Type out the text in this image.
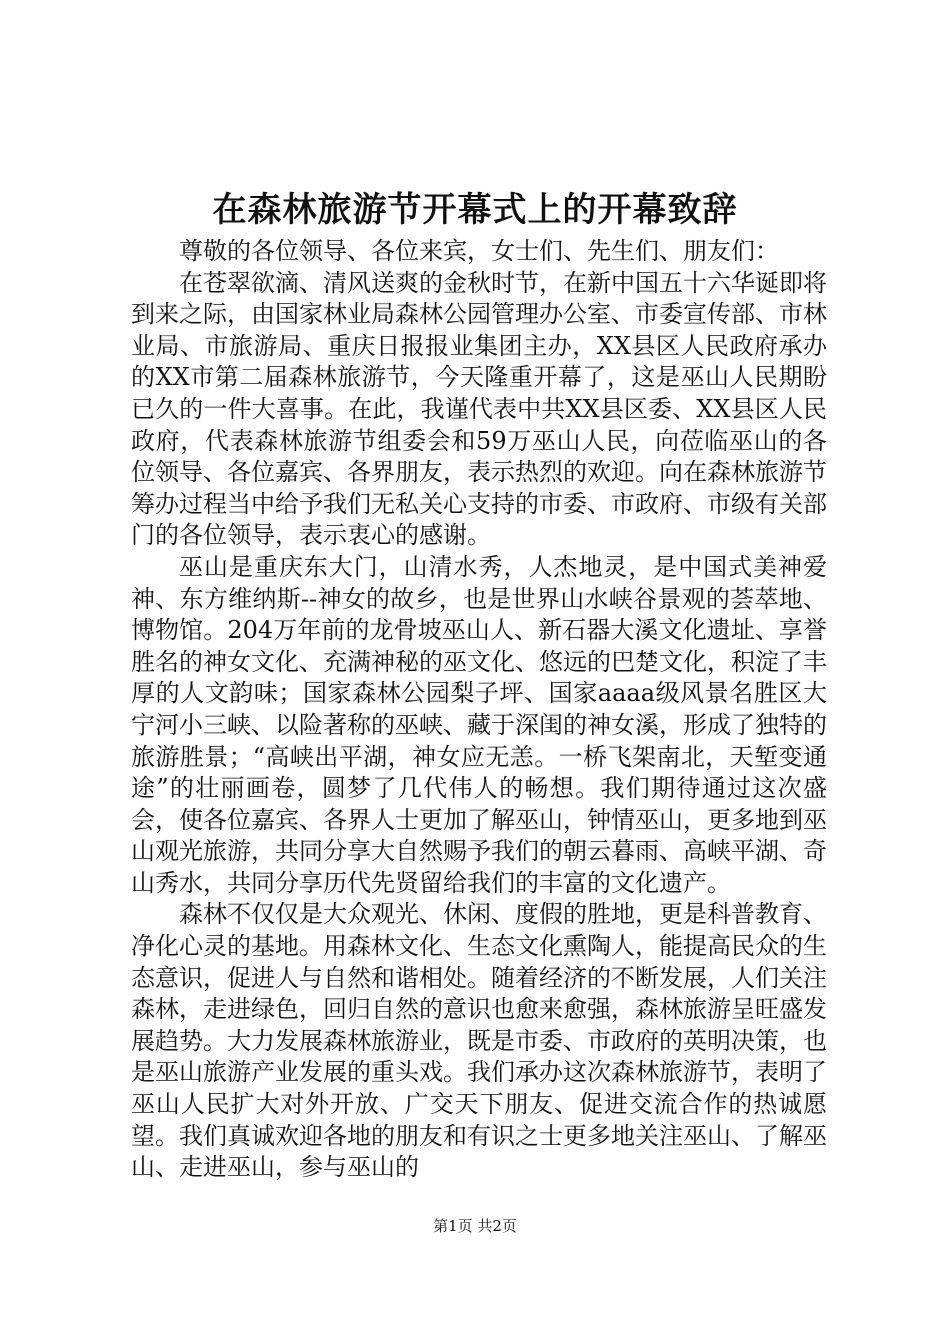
在森林旅游节开幕式上的开幕致辞

尊敬的各位领导、各位来宾，女士们、先生们、朋友们：

在苍翠欲滴、清风送爽的金秋时节，在新中国五十六华诞即将到来之际，由国家林业局森林公园管理办公室、市委宣传部、市林业局、市旅游局、重庆日报报业集团主办，XX县区人民政府承办的XX市第二届森林旅游节，今天隆重开幕了，这是巫山人民期盼已久的一件大喜事。在此，我谨代表中共XX县区委、XX县区人民政府，代表森林旅游节组委会和59万巫山人民，向莅临巫山的各位领导、各位嘉宾、各界朋友，表示热烈的欢迎。向在森林旅游节筹办过程当中给予我们无私关心支持的市委、市政府、市级有关部门的各位领导，表示衷心的感谢。

巫山是重庆东大门，山清水秀，人杰地灵，是中国式美神爱神、东方维纳斯--神女的故乡，也是世界山水峡谷景观的荟萃地、博物馆。204万年前的龙骨坡巫山人、新石器大溪文化遗址、享誉胜名的神女文化、充满神秘的巫文化、悠远的巴楚文化，积淀了丰厚的人文韵味；国家森林公园梨子坪、国家aaaa级风景名胜区大宁河小三峡、以险著称的巫峡、藏于深闺的神女溪，形成了独特的旅游胜景；“高峡出平湖，神女应无恙。一桥飞架南北，天堑变通途”的壮丽画卷，圆梦了几代伟人的畅想。我们期待通过这次盛会，使各位嘉宾、各界人士更加了解巫山，钟情巫山，更多地到巫山观光旅游，共同分享大自然赐予我们的朝云暮雨、高峡平湖、奇山秀水，共同分享历代先贤留给我们的丰富的文化遗产。

森林不仅仅是大众观光、休闲、度假的胜地，更是科普教育、净化心灵的基地。用森林文化、生态文化熏陶人，能提高民众的生态意识，促进人与自然和谐相处。随着经济的不断发展，人们关注森林，走进绿色，回归自然的意识也愈来愈强，森林旅游呈旺盛发展趋势。大力发展森林旅游业，既是市委、市政府的英明决策，也是巫山旅游产业发展的重头戏。我们承办这次森林旅游节，表明了巫山人民扩大对外开放、广交天下朋友、促进交流合作的热诚愿望。我们真诚欢迎各地的朋友和有识之士更多地关注巫山、了解巫山、走进巫山，参与巫山的

第1页 共2页
